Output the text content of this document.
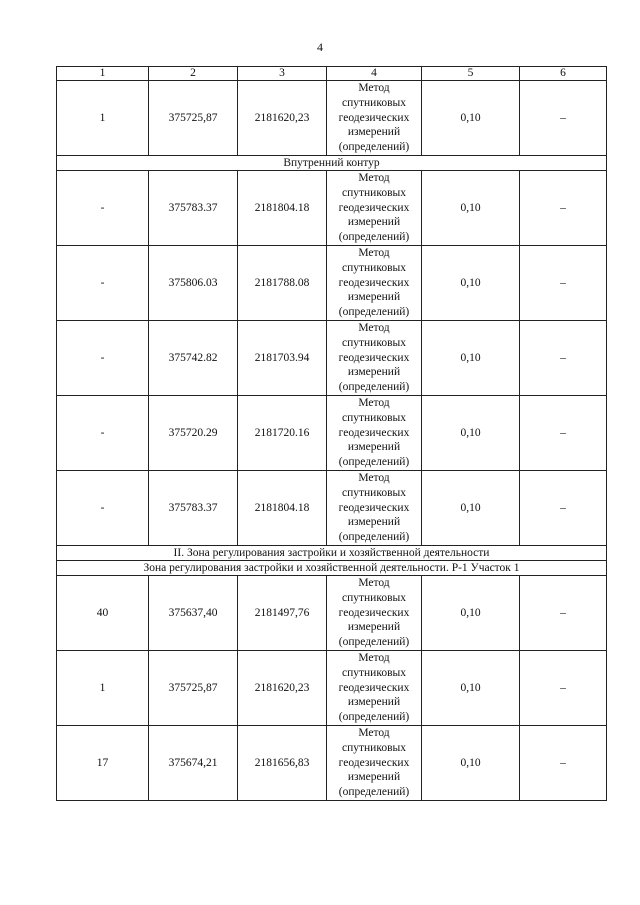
4
1	2	3	4	5	6
1	375725,87	2181620,23	Метод
спутниковых
геодезических
измерений
(определений)	0,10	–
Впутренний контур					
-	375783.37	2181804.18	Метод
спутниковых
геодезических
измерений
(определений)	0,10	–
-	375806.03	2181788.08	Метод
спутниковых
геодезических
измерений
(определений)	0,10	–
-	375742.82	2181703.94	Метод
спутниковых
геодезических
измерений
(определений)	0,10	–
-	375720.29	2181720.16	Метод
спутниковых
геодезических
измерений
(определений)	0,10	–
-	375783.37	2181804.18	Метод
спутниковых
геодезических
измерений
(определений)	0,10	–
II. Зона регулирования застройки и хозяйственной деятельности					
Зона регулирования застройки и хозяйственной деятельности. Р-1 Участок 1					
40	375637,40	2181497,76	Метод
спутниковых
геодезических
измерений
(определений)	0,10	–
1	375725,87	2181620,23	Метод
спутниковых
геодезических
измерений
(определений)	0,10	–
17	375674,21	2181656,83	Метод
спутниковых
геодезических
измерений
(определений)	0,10	–
